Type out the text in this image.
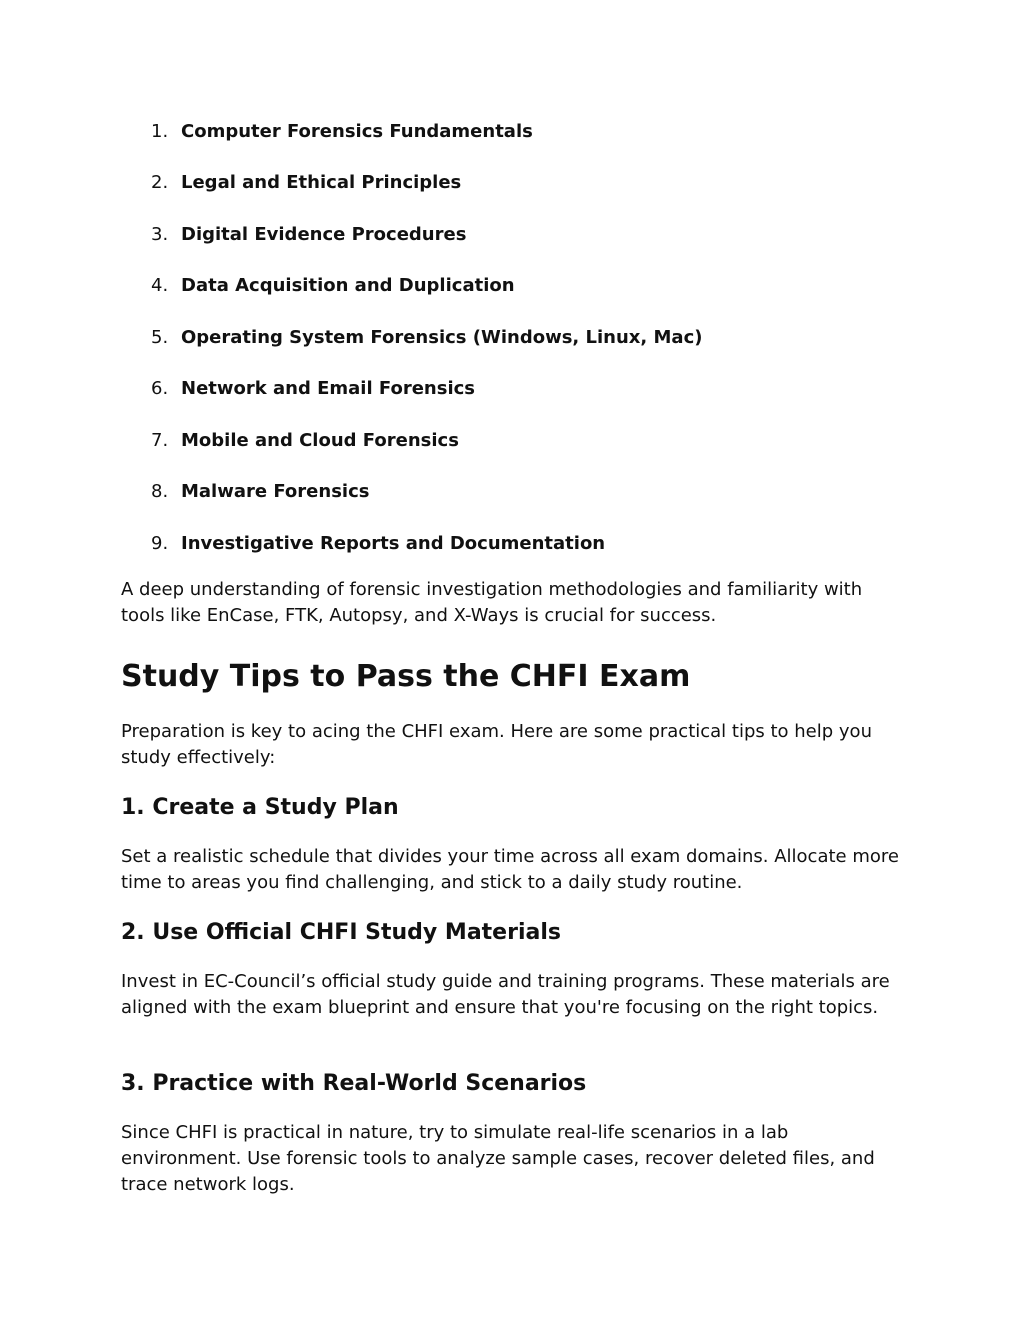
1. Computer Forensics Fundamentals
2. Legal and Ethical Principles
3. Digital Evidence Procedures
4. Data Acquisition and Duplication
5. Operating System Forensics (Windows, Linux, Mac)
6. Network and Email Forensics
7. Mobile and Cloud Forensics
8. Malware Forensics
9. Investigative Reports and Documentation

A deep understanding of forensic investigation methodologies and familiarity with tools like EnCase, FTK, Autopsy, and X-Ways is crucial for success.

Study Tips to Pass the CHFI Exam

Preparation is key to acing the CHFI exam. Here are some practical tips to help you study effectively:

1. Create a Study Plan

Set a realistic schedule that divides your time across all exam domains. Allocate more time to areas you find challenging, and stick to a daily study routine.

2. Use Official CHFI Study Materials

Invest in EC-Council’s official study guide and training programs. These materials are aligned with the exam blueprint and ensure that you're focusing on the right topics.

3. Practice with Real-World Scenarios

Since CHFI is practical in nature, try to simulate real-life scenarios in a lab environment. Use forensic tools to analyze sample cases, recover deleted files, and trace network logs.
